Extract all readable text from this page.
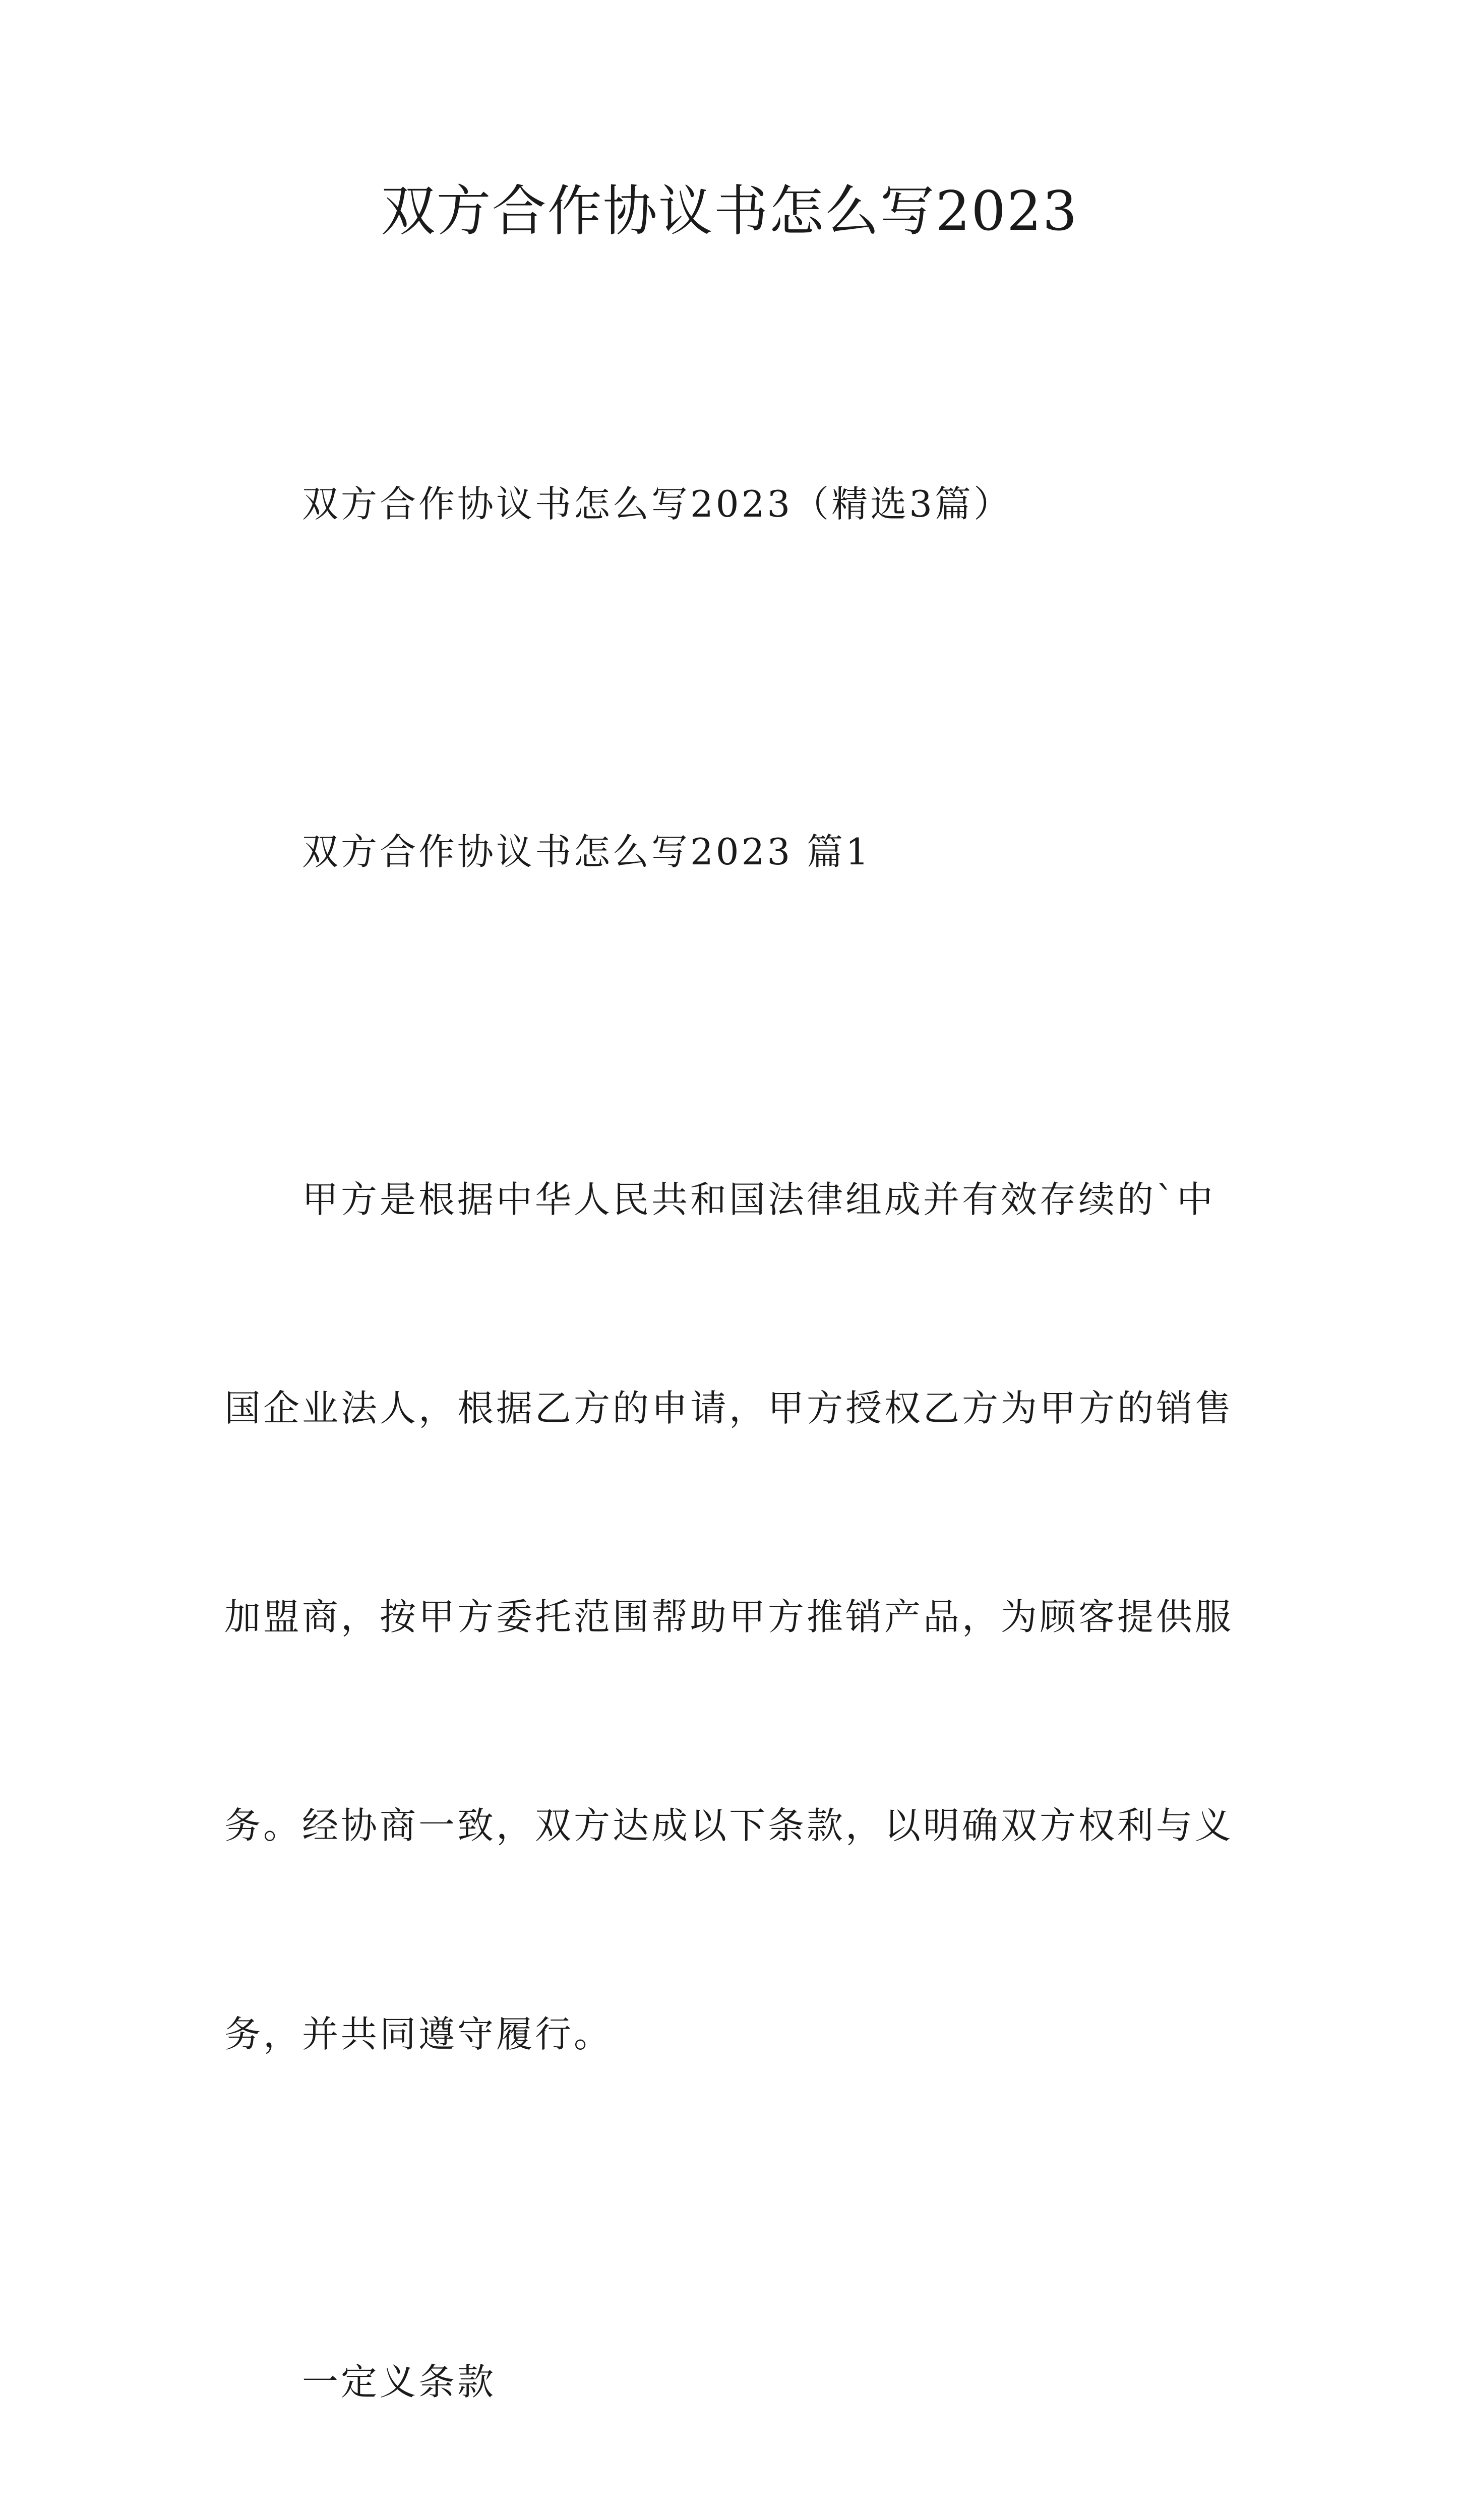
双方合作协议书怎么写2023

双方合作协议书怎么写2023（精选3篇）

双方合作协议书怎么写2023 篇1

甲方是根据中华人民共和国法律组成并有效存续的`中

国企业法人，根据乙方的申请，甲方授权乙方为甲方的销售

加盟商，按甲方委托范围帮助甲方推销产品，为顾客提供服

务。经协商一致，双方达成以下条款，以明确双方权利与义

务，并共同遵守履行。

一定义条款
